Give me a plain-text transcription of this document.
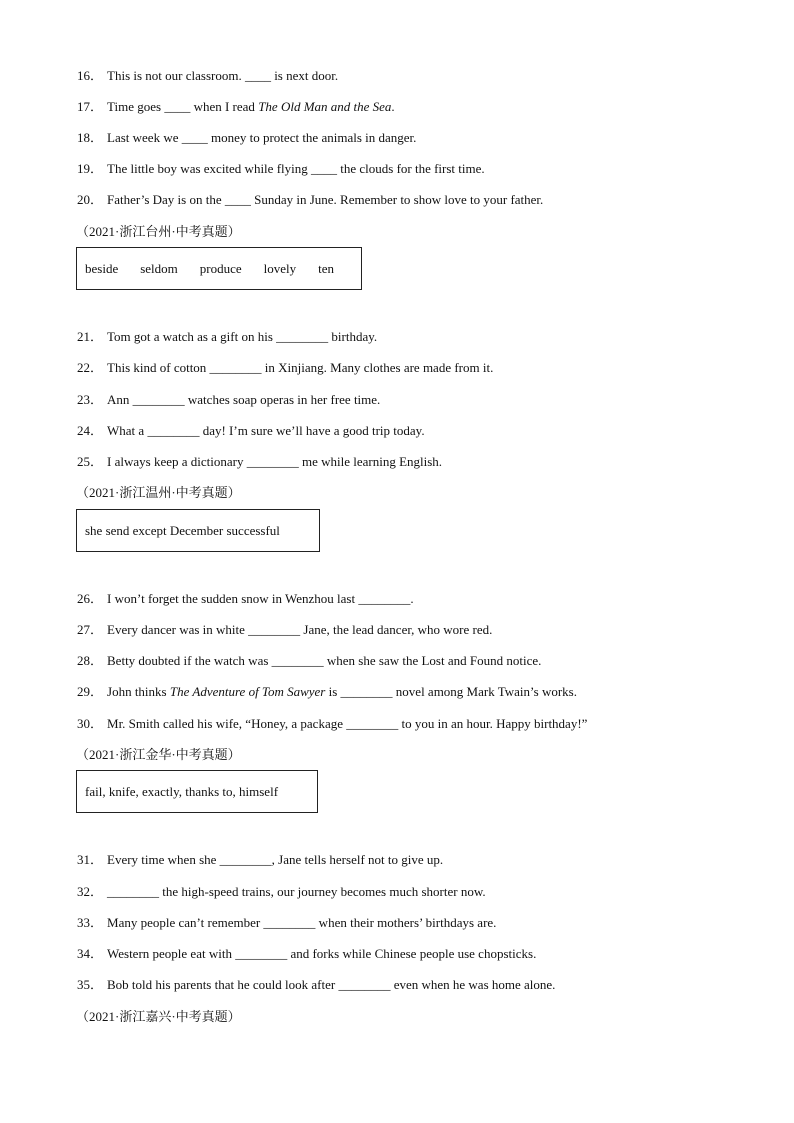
16． This is not our classroom. ____ is next door.
17． Time goes ____ when I read The Old Man and the Sea.
18． Last week we ____ money to protect the animals in danger.
19． The little boy was excited while flying ____ the clouds for the first time.
20． Father’s Day is on the ____ Sunday in June. Remember to show love to your father.
（2021·浙江台州·中考真题）
beside seldom produce lovely ten
21． Tom got a watch as a gift on his ________ birthday.
22． This kind of cotton ________ in Xinjiang. Many clothes are made from it.
23． Ann ________ watches soap operas in her free time.
24． What a ________ day! I’m sure we’ll have a good trip today.
25． I always keep a dictionary ________ me while learning English.
（2021·浙江温州·中考真题）
she send except December successful
26． I won’t forget the sudden snow in Wenzhou last ________.
27． Every dancer was in white ________ Jane, the lead dancer, who wore red.
28． Betty doubted if the watch was ________ when she saw the Lost and Found notice.
29． John thinks The Adventure of Tom Sawyer is ________ novel among Mark Twain’s works.
30． Mr. Smith called his wife, “Honey, a package ________ to you in an hour. Happy birthday!”
（2021·浙江金华·中考真题）
fail, knife, exactly, thanks to, himself
31． Every time when she ________, Jane tells herself not to give up.
32． ________ the high-speed trains, our journey becomes much shorter now.
33． Many people can’t remember ________ when their mothers’ birthdays are.
34． Western people eat with ________ and forks while Chinese people use chopsticks.
35． Bob told his parents that he could look after ________ even when he was home alone.
（2021·浙江嘉兴·中考真题）
